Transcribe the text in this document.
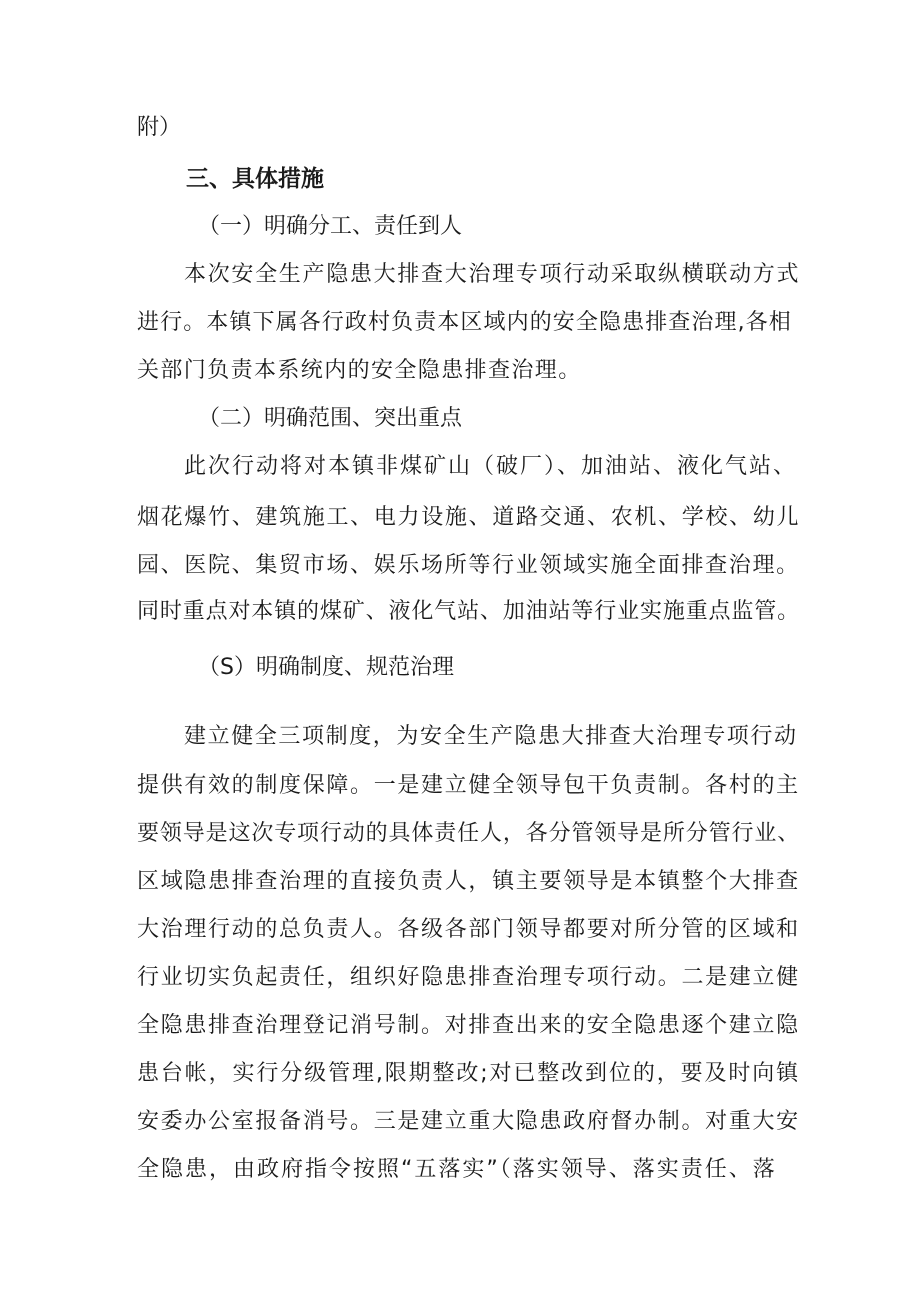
附）
三、具体措施
（一）明确分工、责任到人
本次安全生产隐患大排查大治理专项行动采取纵横联动方式
进行。本镇下属各行政村负责本区域内的安全隐患排查治理,各相
关部门负责本系统内的安全隐患排查治理。
（二）明确范围、突出重点
此次行动将对本镇非煤矿山（破厂）、加油站、液化气站、
烟花爆竹、建筑施工、电力设施、道路交通、农机、学校、幼儿
园、医院、集贸市场、娱乐场所等行业领域实施全面排查治理。
同时重点对本镇的煤矿、液化气站、加油站等行业实施重点监管。
（S）明确制度、规范治理
建立健全三项制度，为安全生产隐患大排查大治理专项行动
提供有效的制度保障。一是建立健全领导包干负责制。各村的主
要领导是这次专项行动的具体责任人，各分管领导是所分管行业、
区域隐患排查治理的直接负责人，镇主要领导是本镇整个大排查
大治理行动的总负责人。各级各部门领导都要对所分管的区域和
行业切实负起责任，组织好隐患排查治理专项行动。二是建立健
全隐患排查治理登记消号制。对排查出来的安全隐患逐个建立隐
患台帐，实行分级管理,限期整改;对已整改到位的，要及时向镇
安委办公室报备消号。三是建立重大隐患政府督办制。对重大安
全隐患，由政府指令按照“五落实”（落实领导、落实责任、落
